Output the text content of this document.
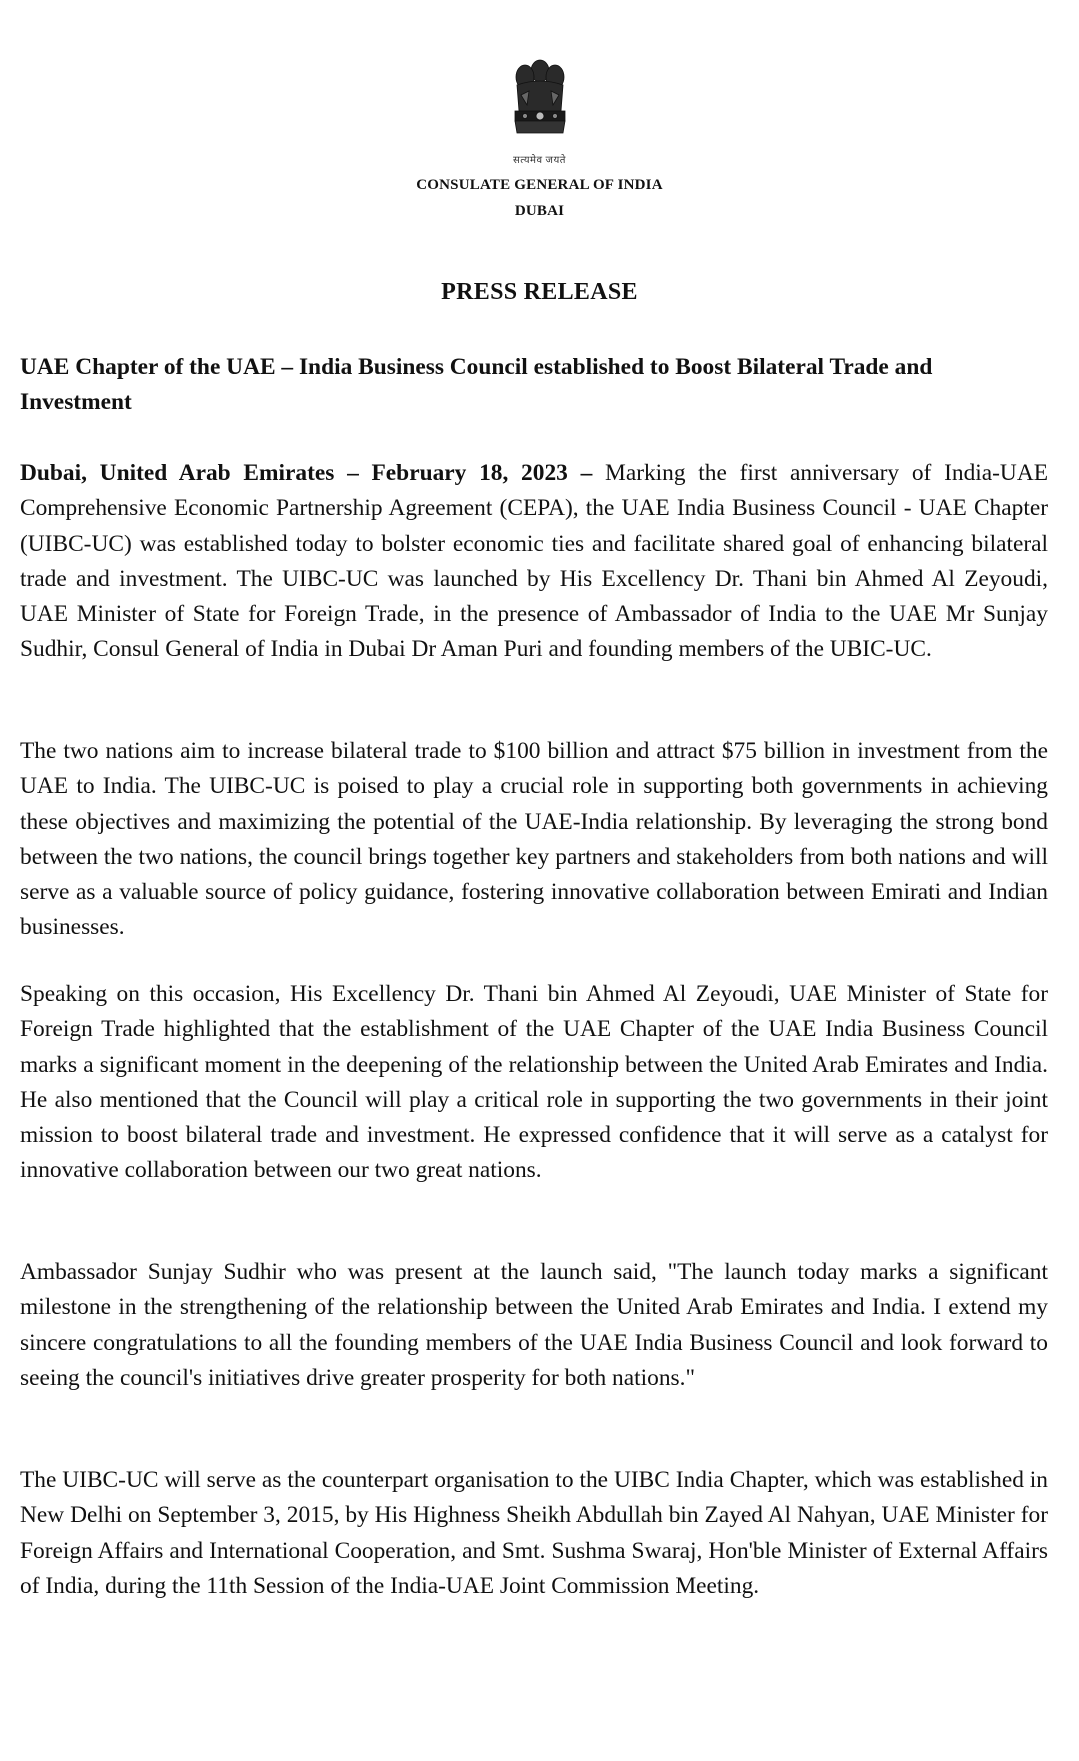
सत्यमेव जयते
CONSULATE GENERAL OF INDIA
DUBAI
PRESS RELEASE
UAE Chapter of the UAE – India Business Council established to Boost Bilateral Trade and Investment

Dubai, United Arab Emirates – February 18, 2023 – Marking the first anniversary of India-UAE Comprehensive Economic Partnership Agreement (CEPA), the UAE India Business Council - UAE Chapter (UIBC-UC) was established today to bolster economic ties and facilitate shared goal of enhancing bilateral trade and investment. The UIBC-UC was launched by His Excellency Dr. Thani bin Ahmed Al Zeyoudi, UAE Minister of State for Foreign Trade, in the presence of Ambassador of India to the UAE Mr Sunjay Sudhir, Consul General of India in Dubai Dr Aman Puri and founding members of the UBIC-UC.

The two nations aim to increase bilateral trade to $100 billion and attract $75 billion in investment from the UAE to India. The UIBC-UC is poised to play a crucial role in supporting both governments in achieving these objectives and maximizing the potential of the UAE-India relationship. By leveraging the strong bond between the two nations, the council brings together key partners and stakeholders from both nations and will serve as a valuable source of policy guidance, fostering innovative collaboration between Emirati and Indian businesses.

Speaking on this occasion, His Excellency Dr. Thani bin Ahmed Al Zeyoudi, UAE Minister of State for Foreign Trade highlighted that the establishment of the UAE Chapter of the UAE India Business Council marks a significant moment in the deepening of the relationship between the United Arab Emirates and India. He also mentioned that the Council will play a critical role in supporting the two governments in their joint mission to boost bilateral trade and investment. He expressed confidence that it will serve as a catalyst for innovative collaboration between our two great nations.

Ambassador Sunjay Sudhir who was present at the launch said, "The launch today marks a significant milestone in the strengthening of the relationship between the United Arab Emirates and India. I extend my sincere congratulations to all the founding members of the UAE India Business Council and look forward to seeing the council's initiatives drive greater prosperity for both nations."

The UIBC-UC will serve as the counterpart organisation to the UIBC India Chapter, which was established in New Delhi on September 3, 2015, by His Highness Sheikh Abdullah bin Zayed Al Nahyan, UAE Minister for Foreign Affairs and International Cooperation, and Smt. Sushma Swaraj, Hon'ble Minister of External Affairs of India, during the 11th Session of the India-UAE Joint Commission Meeting.
